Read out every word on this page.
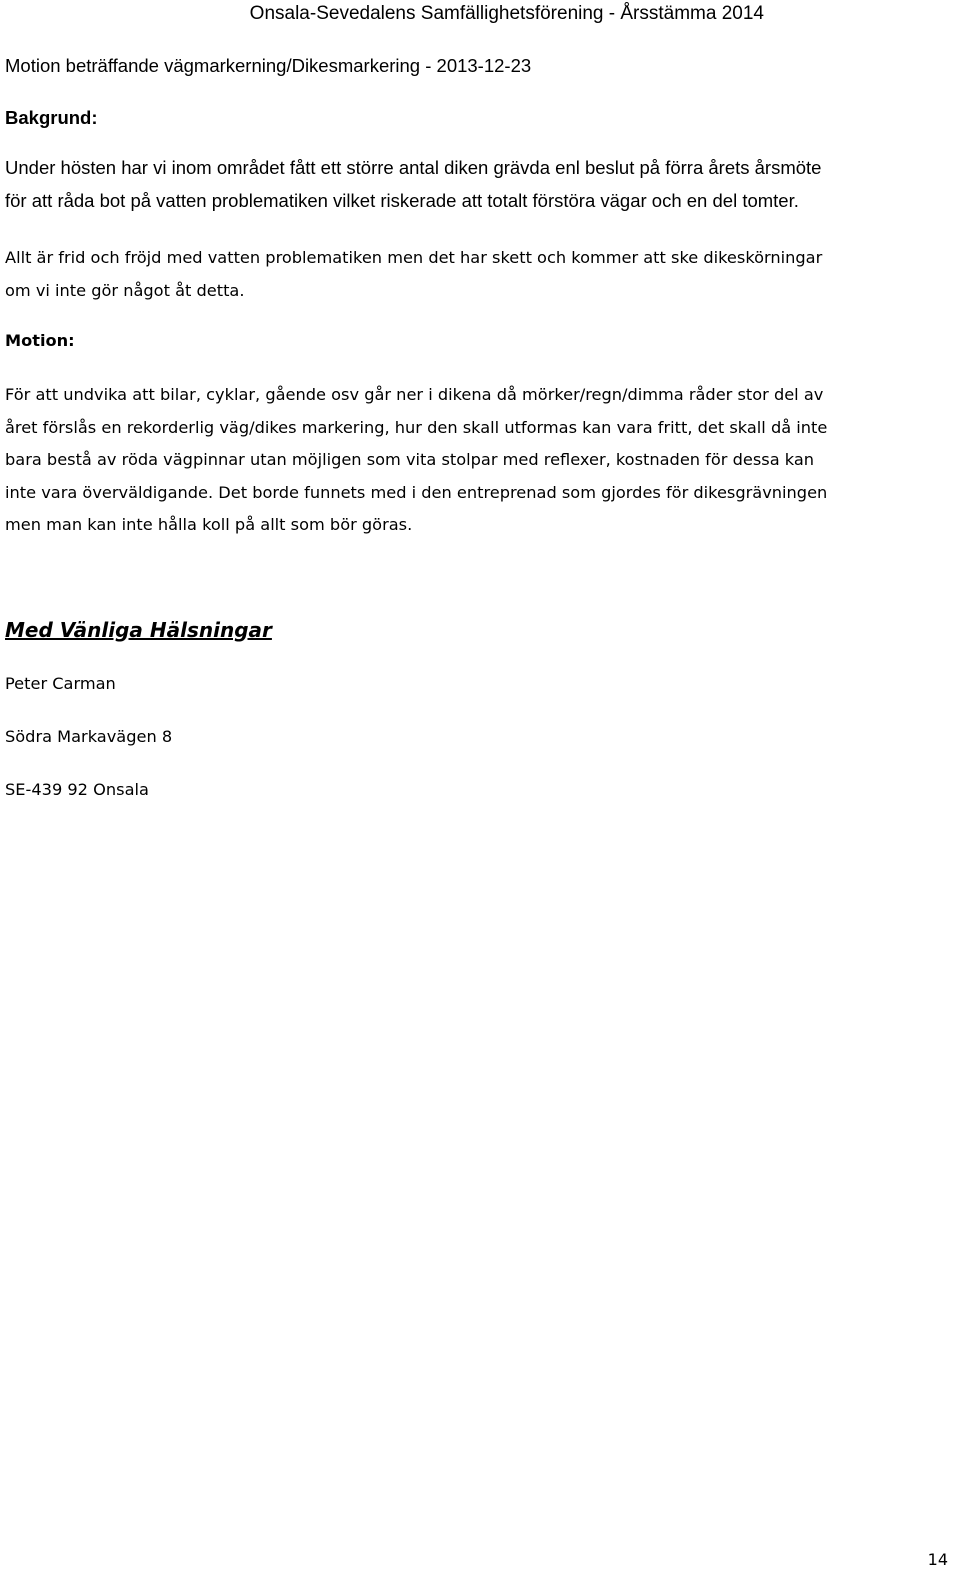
Onsala-Sevedalens Samfällighetsförening - Årsstämma 2014

Motion beträffande vägmarkerning/Dikesmarkering - 2013-12-23

Bakgrund:

Under hösten har vi inom området fått ett större antal diken grävda enl beslut på förra årets årsmöte
för att råda bot på vatten problematiken vilket riskerade att totalt förstöra vägar och en del tomter.

Allt är frid och fröjd med vatten problematiken men det har skett och kommer att ske dikeskörningar
om vi inte gör något åt detta.

Motion:

För att undvika att bilar, cyklar, gående osv går ner i dikena då mörker/regn/dimma råder stor del av
året förslås en rekorderlig väg/dikes markering, hur den skall utformas kan vara fritt, det skall då inte
bara bestå av röda vägpinnar utan möjligen som vita stolpar med reflexer, kostnaden för dessa kan
inte vara överväldigande. Det borde funnets med i den entreprenad som gjordes för dikesgrävningen
men man kan inte hålla koll på allt som bör göras.

Med Vänliga Hälsningar

Peter Carman

Södra Markavägen 8

SE-439 92 Onsala

14
